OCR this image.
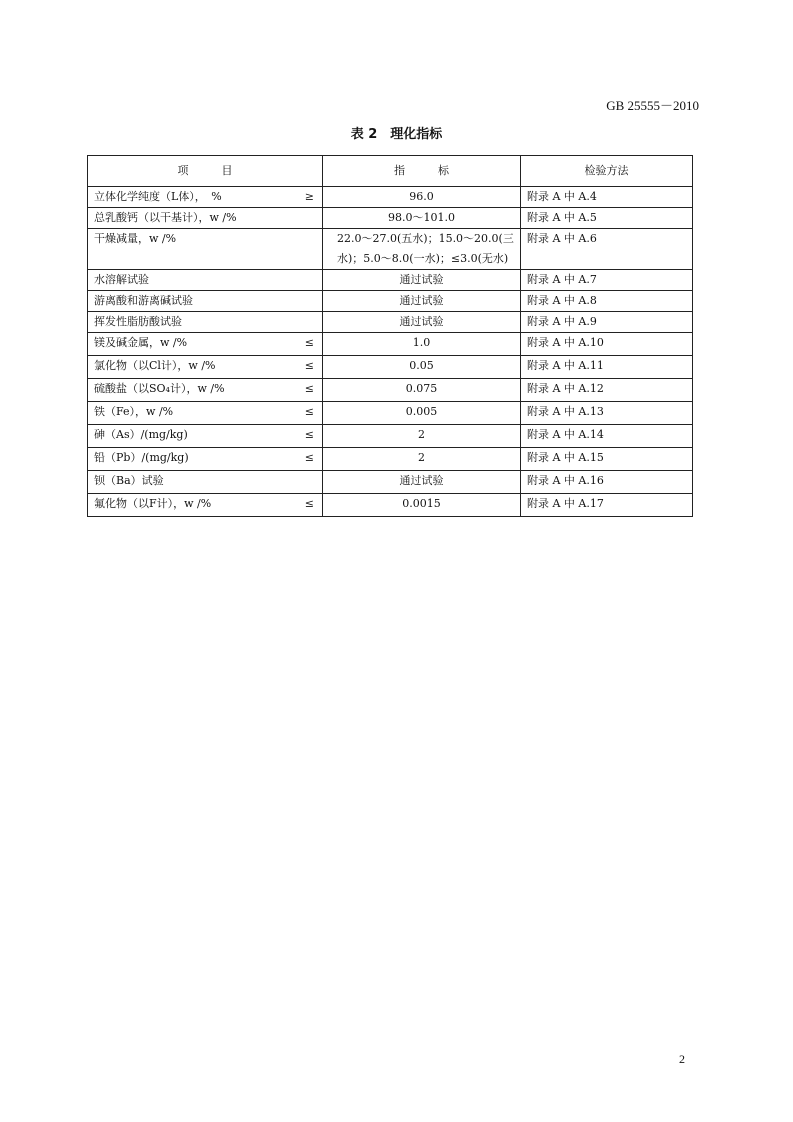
GB 25555－2010
表 2　理化指标
项　　　目	指　　　标	检验方法
立体化学纯度（L体），　% ≥	96.0	附录 A 中 A.4
总乳酸钙（以干基计），w /%	98.0～101.0	附录 A 中 A.5
干燥减量，w /%	22.0～27.0(五水)；15.0～20.0(三水)；5.0～8.0(一水)；≤3.0(无水)	附录 A 中 A.6
水溶解试验	通过试验	附录 A 中 A.7
游离酸和游离碱试验	通过试验	附录 A 中 A.8
挥发性脂肪酸试验	通过试验	附录 A 中 A.9
镁及碱金属，w /% ≤	1.0	附录 A 中 A.10
氯化物（以Cl计），w /% ≤	0.05	附录 A 中 A.11
硫酸盐（以SO₄计），w /% ≤	0.075	附录 A 中 A.12
铁（Fe），w /% ≤	0.005	附录 A 中 A.13
砷（As）/(mg/kg) ≤	2	附录 A 中 A.14
铅（Pb）/(mg/kg) ≤	2	附录 A 中 A.15
钡（Ba）试验	通过试验	附录 A 中 A.16
氟化物（以F计），w /% ≤	0.0015	附录 A 中 A.17
2
